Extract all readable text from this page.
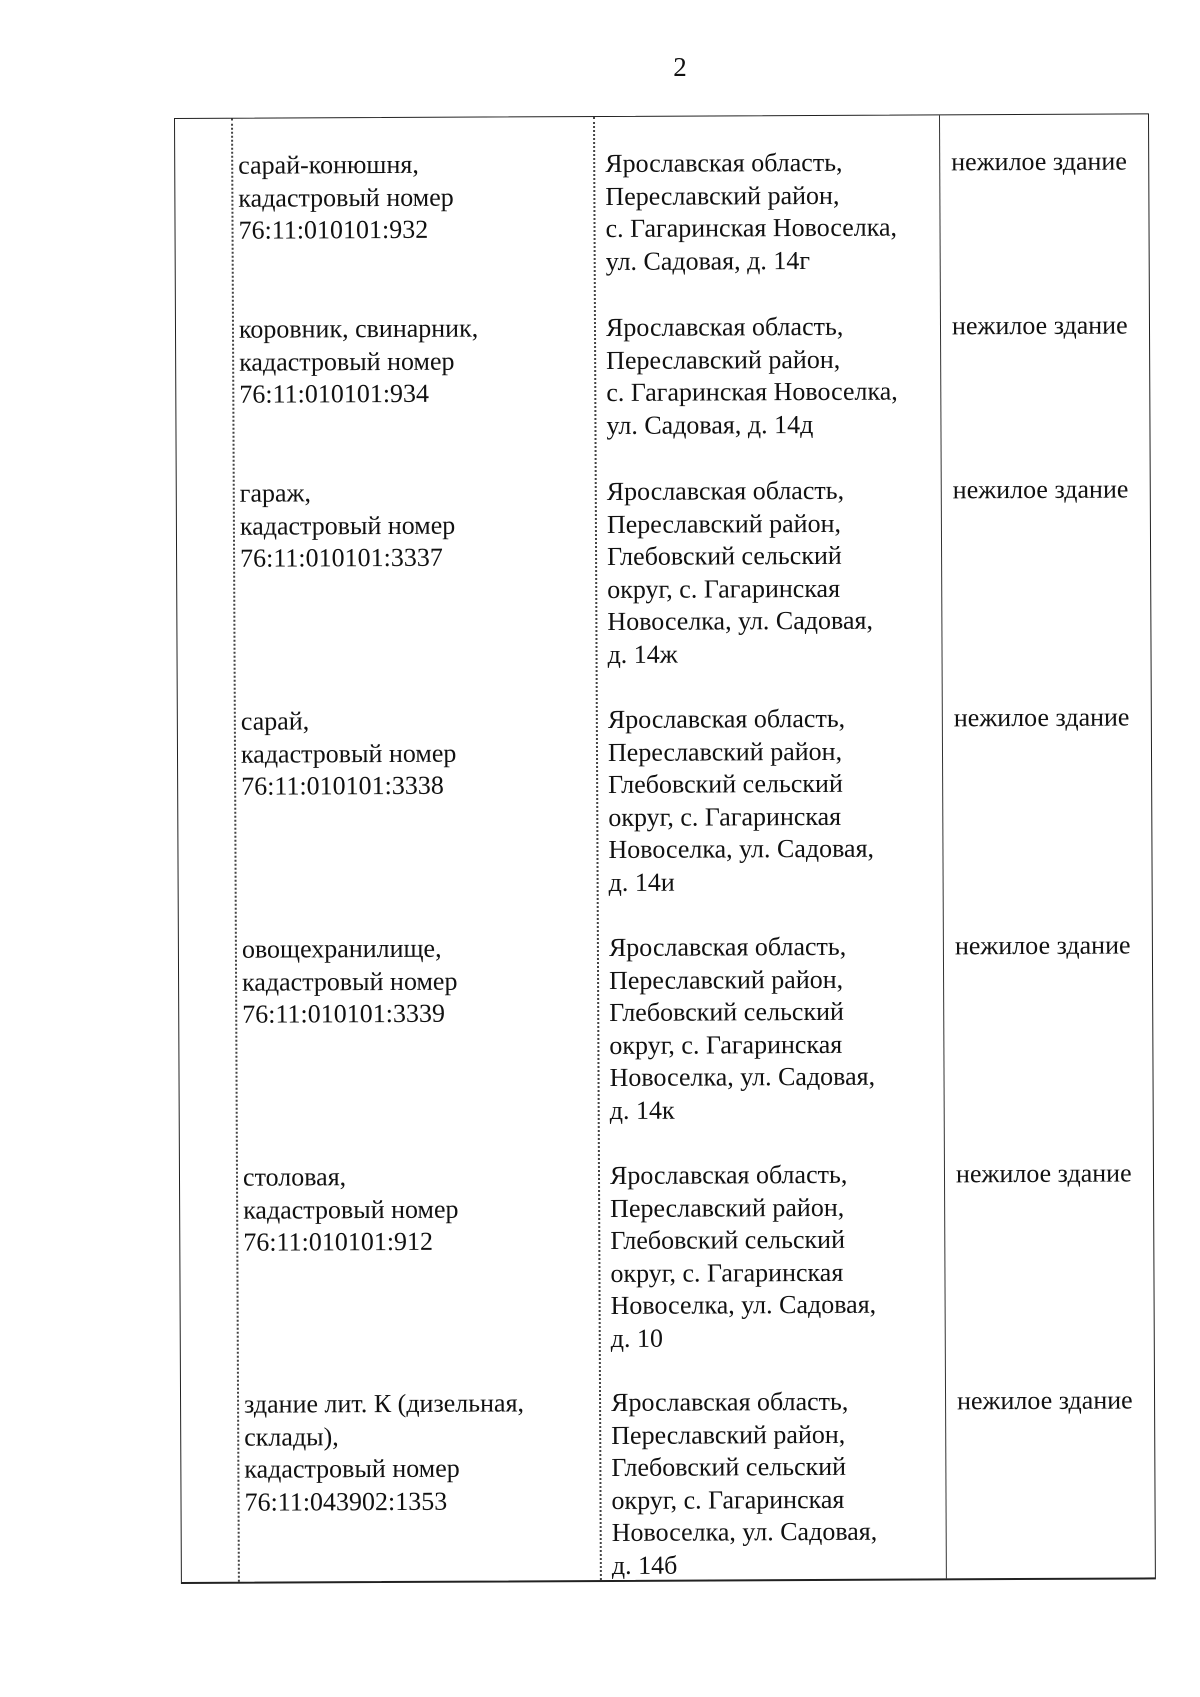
2
сарай-конюшня,
кадастровый номер
76:11:010101:932
Ярославская область,
Переславский район,
с. Гагаринская Новоселка,
ул. Садовая, д. 14г
нежилое здание
коровник, свинарник,
кадастровый номер
76:11:010101:934
Ярославская область,
Переславский район,
с. Гагаринская Новоселка,
ул. Садовая, д. 14д
нежилое здание
гараж,
кадастровый номер
76:11:010101:3337
Ярославская область,
Переславский район,
Глебовский сельский
округ, с. Гагаринская
Новоселка, ул. Садовая,
д. 14ж
нежилое здание
сарай,
кадастровый номер
76:11:010101:3338
Ярославская область,
Переславский район,
Глебовский сельский
округ, с. Гагаринская
Новоселка, ул. Садовая,
д. 14и
нежилое здание
овощехранилище,
кадастровый номер
76:11:010101:3339
Ярославская область,
Переславский район,
Глебовский сельский
округ, с. Гагаринская
Новоселка, ул. Садовая,
д. 14к
нежилое здание
столовая,
кадастровый номер
76:11:010101:912
Ярославская область,
Переславский район,
Глебовский сельский
округ, с. Гагаринская
Новоселка, ул. Садовая,
д. 10
нежилое здание
здание лит. К (дизельная,
склады),
кадастровый номер
76:11:043902:1353
Ярославская область,
Переславский район,
Глебовский сельский
округ, с. Гагаринская
Новоселка, ул. Садовая,
д. 14б
нежилое здание
